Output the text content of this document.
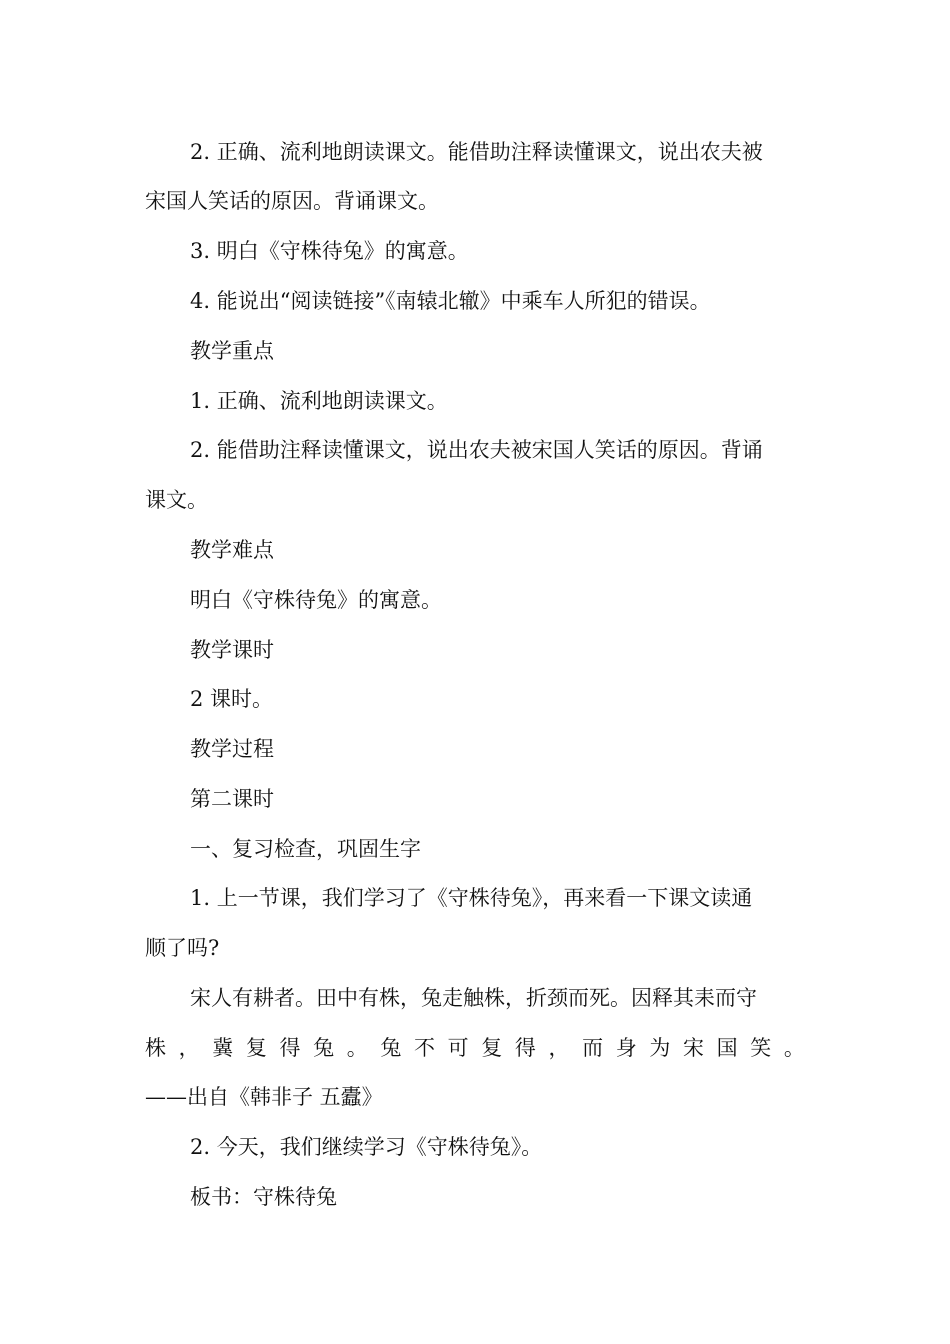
2. 正确、流利地朗读课文。能借助注释读懂课文，说出农夫被
宋国人笑话的原因。背诵课文。
3. 明白《守株待兔》的寓意。
4. 能说出“阅读链接”《南辕北辙》中乘车人所犯的错误。
教学重点
1. 正确、流利地朗读课文。
2. 能借助注释读懂课文，说出农夫被宋国人笑话的原因。背诵
课文。
教学难点
明白《守株待兔》的寓意。
教学课时
2 课时。
教学过程
第二课时
一、复习检查，巩固生字
1. 上一节课，我们学习了《守株待兔》，再来看一下课文读通
顺了吗?
宋人有耕者。田中有株，兔走触株，折颈而死。因释其耒而守
株 ， 冀 复 得 兔 。 兔 不 可 复 得 ， 而 身 为 宋 国 笑 。
——出自《韩非子 五蠹》
2. 今天，我们继续学习《守株待兔》。
板书：守株待兔
